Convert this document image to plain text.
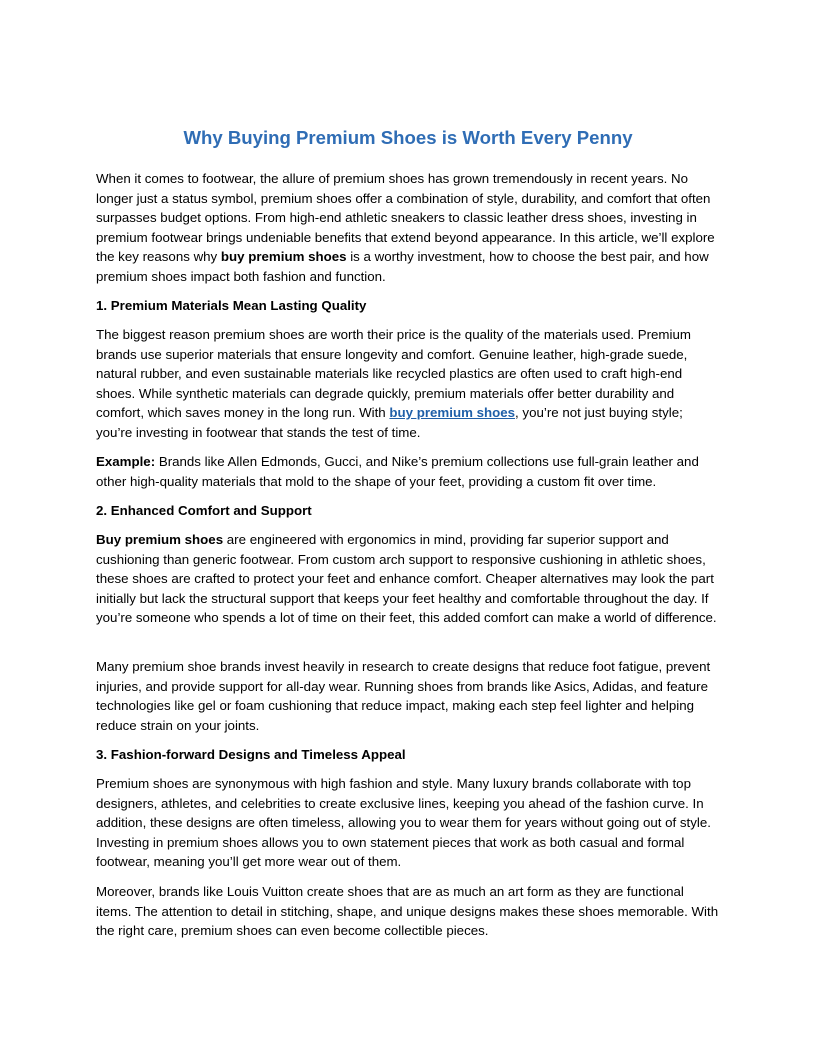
Why Buying Premium Shoes is Worth Every Penny

When it comes to footwear, the allure of premium shoes has grown tremendously in recent years. No longer just a status symbol, premium shoes offer a combination of style, durability, and comfort that often surpasses budget options. From high-end athletic sneakers to classic leather dress shoes, investing in premium footwear brings undeniable benefits that extend beyond appearance. In this article, we’ll explore the key reasons why buy premium shoes is a worthy investment, how to choose the best pair, and how premium shoes impact both fashion and function.

1. Premium Materials Mean Lasting Quality

The biggest reason premium shoes are worth their price is the quality of the materials used. Premium brands use superior materials that ensure longevity and comfort. Genuine leather, high-grade suede, natural rubber, and even sustainable materials like recycled plastics are often used to craft high-end shoes. While synthetic materials can degrade quickly, premium materials offer better durability and comfort, which saves money in the long run. With buy premium shoes, you’re not just buying style; you’re investing in footwear that stands the test of time.

Example: Brands like Allen Edmonds, Gucci, and Nike’s premium collections use full-grain leather and other high-quality materials that mold to the shape of your feet, providing a custom fit over time.

2. Enhanced Comfort and Support

Buy premium shoes are engineered with ergonomics in mind, providing far superior support and cushioning than generic footwear. From custom arch support to responsive cushioning in athletic shoes, these shoes are crafted to protect your feet and enhance comfort. Cheaper alternatives may look the part initially but lack the structural support that keeps your feet healthy and comfortable throughout the day. If you’re someone who spends a lot of time on their feet, this added comfort can make a world of difference.

Many premium shoe brands invest heavily in research to create designs that reduce foot fatigue, prevent injuries, and provide support for all-day wear. Running shoes from brands like Asics, Adidas, and feature technologies like gel or foam cushioning that reduce impact, making each step feel lighter and helping reduce strain on your joints.

3. Fashion-forward Designs and Timeless Appeal

Premium shoes are synonymous with high fashion and style. Many luxury brands collaborate with top designers, athletes, and celebrities to create exclusive lines, keeping you ahead of the fashion curve. In addition, these designs are often timeless, allowing you to wear them for years without going out of style. Investing in premium shoes allows you to own statement pieces that work as both casual and formal footwear, meaning you’ll get more wear out of them.

Moreover, brands like Louis Vuitton create shoes that are as much an art form as they are functional items. The attention to detail in stitching, shape, and unique designs makes these shoes memorable. With the right care, premium shoes can even become collectible pieces.
